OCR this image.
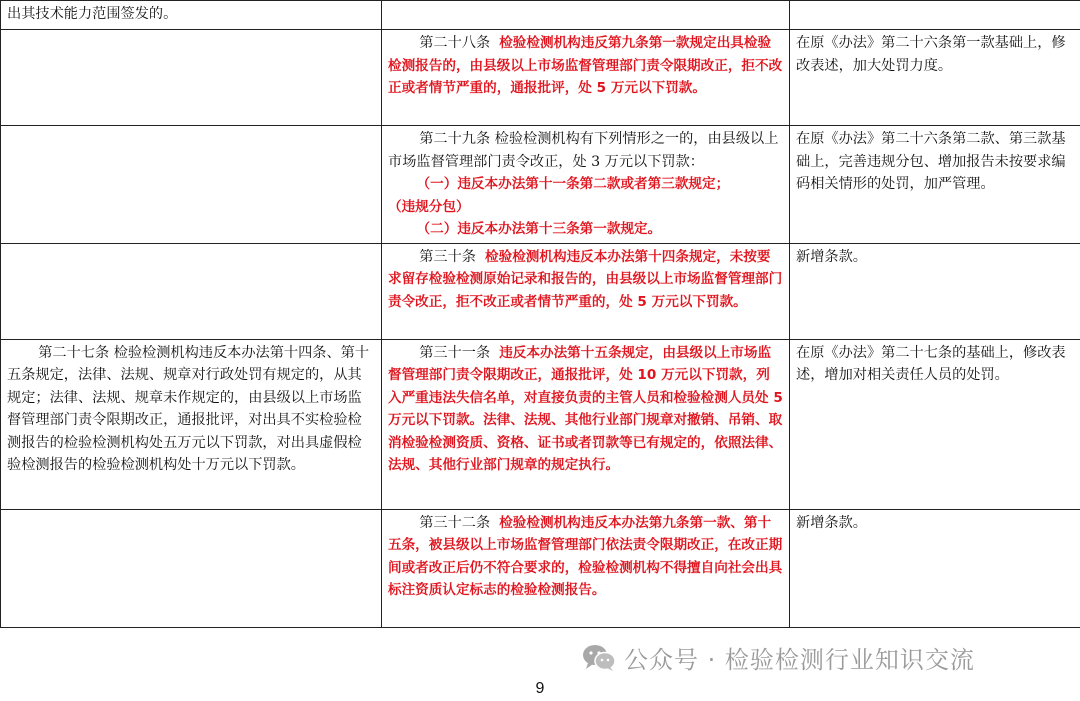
出其技术能力范围签发的。		

	第二十八条 检验检测机构违反第九条第一款规定出具检验检测报告的，由县级以上市场监督管理部门责令限期改正，拒不改正或者情节严重的，通报批评，处 5 万元以下罚款。	在原《办法》第二十六条第一款基础上，修改表述，加大处罚力度。

	第二十九条 检验检测机构有下列情形之一的，由县级以上市场监督管理部门责令改正，处 3 万元以下罚款：
（一）违反本办法第十一条第二款或者第三款规定；
（违规分包）
（二）违反本办法第十三条第一款规定。	在原《办法》第二十六条第二款、第三款基础上，完善违规分包、增加报告未按要求编码相关情形的处罚，加严管理。

	第三十条 检验检测机构违反本办法第十四条规定，未按要求留存检验检测原始记录和报告的，由县级以上市场监督管理部门责令改正，拒不改正或者情节严重的，处 5 万元以下罚款。	新增条款。

第二十七条 检验检测机构违反本办法第十四条、第十五条规定，法律、法规、规章对行政处罚有规定的，从其规定；法律、法规、规章未作规定的，由县级以上市场监督管理部门责令限期改正，通报批评，对出具不实检验检测报告的检验检测机构处五万元以下罚款，对出具虚假检验检测报告的检验检测机构处十万元以下罚款。	第三十一条 违反本办法第十五条规定，由县级以上市场监督管理部门责令限期改正，通报批评，处 10 万元以下罚款，列入严重违法失信名单，对直接负责的主管人员和检验检测人员处 5 万元以下罚款。法律、法规、其他行业部门规章对撤销、吊销、取消检验检测资质、资格、证书或者罚款等已有规定的，依照法律、法规、其他行业部门规章的规定执行。	在原《办法》第二十七条的基础上，修改表述，增加对相关责任人员的处罚。

	第三十二条 检验检测机构违反本办法第九条第一款、第十五条，被县级以上市场监督管理部门依法责令限期改正，在改正期间或者改正后仍不符合要求的，检验检测机构不得擅自向社会出具标注资质认定标志的检验检测报告。	新增条款。
公众号 · 检验检测行业知识交流
9
